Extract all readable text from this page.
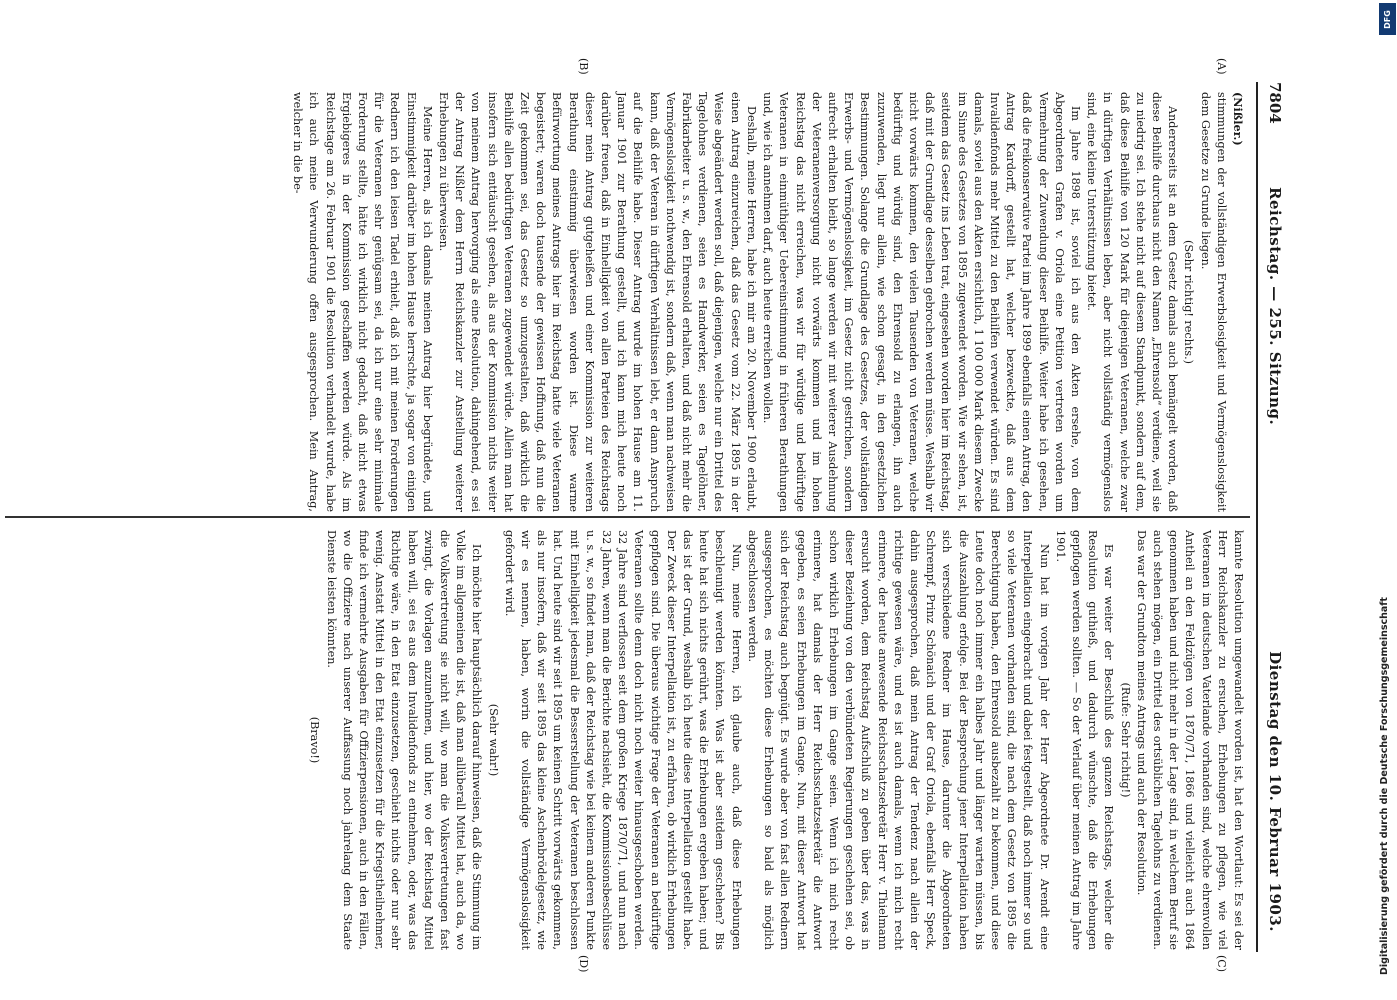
7804
Reichstag. — 255. Sitzung.
Dienstag den 10. Februar 1903.
(A)
(B)
(C)
(D)

(Nißler.)

stimmungen der vollständigen Erwerbslosigkeit und Vermögenslosigkeit dem Gesetze zu Grunde liegen.

(Sehr richtig! rechts.)

Andererseits ist an dem Gesetz damals auch bemängelt worden, daß diese Beihilfe durchaus nicht den Namen „Ehrensold“ verdiene, weil sie zu niedrig sei. Ich stehe nicht auf diesem Standpunkt, sondern auf dem, daß diese Beihilfe von 120 Mark für diejenigen Veteranen, welche zwar in dürftigen Verhältnissen leben, aber nicht vollständig vermögenslos sind, eine kleine Unterstützung bietet.

Im Jahre 1898 ist, soviel ich aus den Akten ersehe, von dem Abgeordneten Grafen v. Oriola eine Petition vertreten worden um Vermehrung der Zuwendung dieser Beihilfe. Weiter habe ich gesehen, daß die freikonservative Partei im Jahre 1899 ebenfalls einen Antrag, den Antrag Kardorff, gestellt hat, welcher bezweckte, daß aus dem Invalidenfonds mehr Mittel zu den Beihilfen verwendet würden. Es sind damals, soviel aus den Akten ersichtlich, 1 100 000 Mark diesem Zwecke im Sinne des Gesetzes von 1895 zugewendet worden. Wie wir sehen, ist, seitdem das Gesetz ins Leben trat, eingesehen worden hier im Reichstag, daß mit der Grundlage desselben gebrochen werden müsse. Weshalb wir nicht vorwärts kommen, den vielen Tausenden von Veteranen, welche bedürftig und würdig sind, den Ehrensold zu erlangen, ihn auch zuzuwenden, liegt nur allein, wie schon gesagt, in den gesetzlichen Bestimmungen. Solange die Grundlage des Gesetzes, der vollständigen Erwerbs- und Vermögenslosigkeit, im Gesetz nicht gestrichen, sondern aufrecht erhalten bleibt, so lange werden wir mit weiterer Ausdehnung der Veteranenversorgung nicht vorwärts kommen und im hohen Reichstag das nicht erreichen, was wir für würdige und bedürftige Veteranen in einmüthiger Uebereinstimmung in früheren Berathungen und, wie ich annehmen darf, auch heute erreichen wollen.

Deshalb, meine Herren, habe ich mir am 20. November 1900 erlaubt, einen Antrag einzureichen, daß das Gesetz vom 22. März 1895 in der Weise abgeändert werden soll, daß diejenigen, welche nur ein Drittel des Tagelohnes verdienen, seien es Handwerker, seien es Tagelöhner, Fabrikarbeiter u. s. w., den Ehrensold erhalten, und daß nicht mehr die Vermögenslosigkeit nothwendig ist, sondern daß, wenn man nachweisen kann, daß der Veteran in dürftigen Verhältnissen lebt, er dann Anspruch auf die Beihilfe habe. Dieser Antrag wurde im hohen Hause am 11. Januar 1901 zur Berathung gestellt, und ich kann mich heute noch darüber freuen, daß in Einhelligkeit von allen Parteien des Reichstags dieser mein Antrag gutgeheißen und einer Kommission zur weiteren Berathung einstimmig überwiesen worden ist. Diese warme Befürwortung meines Antrags hier im Reichstag hatte viele Veteranen begeistert; waren doch tausende der gewissen Hoffnung, daß nun die Zeit gekommen sei, das Gesetz so umzugestalten, daß wirklich die Beihilfe allen bedürftigen Veteranen zugewendet würde. Allein man hat insofern sich enttäuscht gesehen, als aus der Kommission nichts weiter von meinem Antrag hervorging als eine Resolution, dahingehend, es sei der Antrag Nißler dem Herrn Reichskanzler zur Anstellung weiterer Erhebungen zu überweisen.

Meine Herren, als ich damals meinen Antrag hier begründete, und Einstimmigkeit darüber im hohen Hause herrschte, ja sogar von einigen Rednern ich den leisen Tadel erhielt, daß ich mit meinen Forderungen für die Veteranen sehr genügsam sei, da ich nur eine sehr minimale Forderung stellte, hätte ich wirklich nicht gedacht, daß nicht etwas Ergiebigeres in der Kommission geschaffen werden würde. Als im Reichstage am 26. Februar 1901 die Resolution verhandelt wurde, habe ich auch meine Verwunderung offen ausgesprochen. Mein Antrag, welcher in die be-

kannte Resolution umgewandelt worden ist, hat den Wortlaut: Es sei der Herr Reichskanzler zu ersuchen, Erhebungen zu pflegen, wie viel Veteranen im deutschen Vaterlande vorhanden sind, welche ehrenvollen Antheil an den Feldzügen von 1870/71, 1866 und vielleicht auch 1864 genommen haben und nicht mehr in der Lage sind, in welchem Beruf sie auch stehen mögen, ein Drittel des ortsüblichen Tagelohns zu verdienen. Das war der Grundton meines Antrags und auch der Resolution.

(Rufe: Sehr richtig!)

Es war weiter der Beschluß des ganzen Reichstags, welcher die Resolution guthieß, und dadurch wünschte, daß die Erhebungen gepflogen werden sollten. — So der Verlauf über meinen Antrag im Jahre 1901.

Nun hat im vorigen Jahr der Herr Abgeordnete Dr. Arendt eine Interpellation eingebracht und dabei festgestellt, daß noch immer so und so viele Veteranen vorhanden sind, die nach dem Gesetz von 1895 die Berechtigung haben, den Ehrensold ausbezahlt zu bekommen, und diese Leute doch noch immer ein halbes Jahr und länger warten müssen, bis die Auszahlung erfolge. Bei der Besprechung jener Interpellation haben sich verschiedene Redner im Hause, darunter die Abgeordneten Schrempf, Prinz Schönaich und der Graf Oriola, ebenfalls Herr Speck, dahin ausgesprochen, daß mein Antrag der Tendenz nach allein der richtige gewesen wäre, und es ist auch damals, wenn ich mich recht erinnere, der heute anwesende Reichsschatzsekretär Herr v. Thielmann ersucht worden, dem Reichstag Aufschluß zu geben über das, was in dieser Beziehung von den verbündeten Regierungen geschehen sei, ob schon wirklich Erhebungen im Gange seien. Wenn ich mich recht erinnere, hat damals der Herr Reichsschatzsekretär die Antwort gegeben, es seien Erhebungen im Gange. Nun, mit dieser Antwort hat sich der Reichstag auch begnügt. Es wurde aber von fast allen Rednern ausgesprochen, es möchten diese Erhebungen so bald als möglich abgeschlossen werden.

Nun, meine Herren, ich glaube auch, daß diese Erhebungen beschleunigt werden könnten. Was ist aber seitdem geschehen? Bis heute hat sich nichts gerührt, was die Erhebungen ergeben haben; und das ist der Grund, weshalb ich heute diese Interpellation gestellt habe. Der Zweck dieser Interpellation ist, zu erfahren, ob wirklich Erhebungen gepflogen sind. Die überaus wichtige Frage der Veteranen an bedürftige Veteranen sollte denn doch nicht noch weiter hinausgeschoben werden. 32 Jahre sind verflossen seit dem großen Kriege 1870/71, und nun nach 32 Jahren, wenn man die Berichte nachsieht, die Kommissionsbeschlüsse u. s. w., so findet man, daß der Reichstag wie bei keinem anderen Punkte mit Einhelligkeit jedesmal die Besserstellung der Veteranen beschlossen hat. Und heute sind wir seit 1895 um keinen Schritt vorwärts gekommen, als nur insofern, daß wir seit 1895 das kleine Aschenbrödelgesetz, wie wir es nennen, haben, worin die vollständige Vermögenslosigkeit gefordert wird.

(Sehr wahr!)

Ich möchte hier hauptsächlich darauf hinweisen, daß die Stimmung im Volke im allgemeinen die ist, daß man allüberall Mittel hat, auch da, wo die Volksvertretung sie nicht will, wo man die Volksvertretungen fast zwingt, die Vorlagen anzunehmen, und hier, wo der Reichstag Mittel haben will, sei es aus dem Invalidenfonds zu entnehmen, oder, was das Richtige wäre, in den Etat einzusetzen, geschieht nichts oder nur sehr wenig. Anstatt Mittel in den Etat einzusetzen für die Kriegstheilnehmer, finde ich vermehrte Ausgaben für Offizierpensionen, auch in den Fällen, wo die Offiziere nach unserer Auffassung noch jahrelang dem Staate Dienste leisten könnten.

(Bravo!)

DFG
Digitalisierung gefördert durch die Deutsche Forschungsgemeinschaft
